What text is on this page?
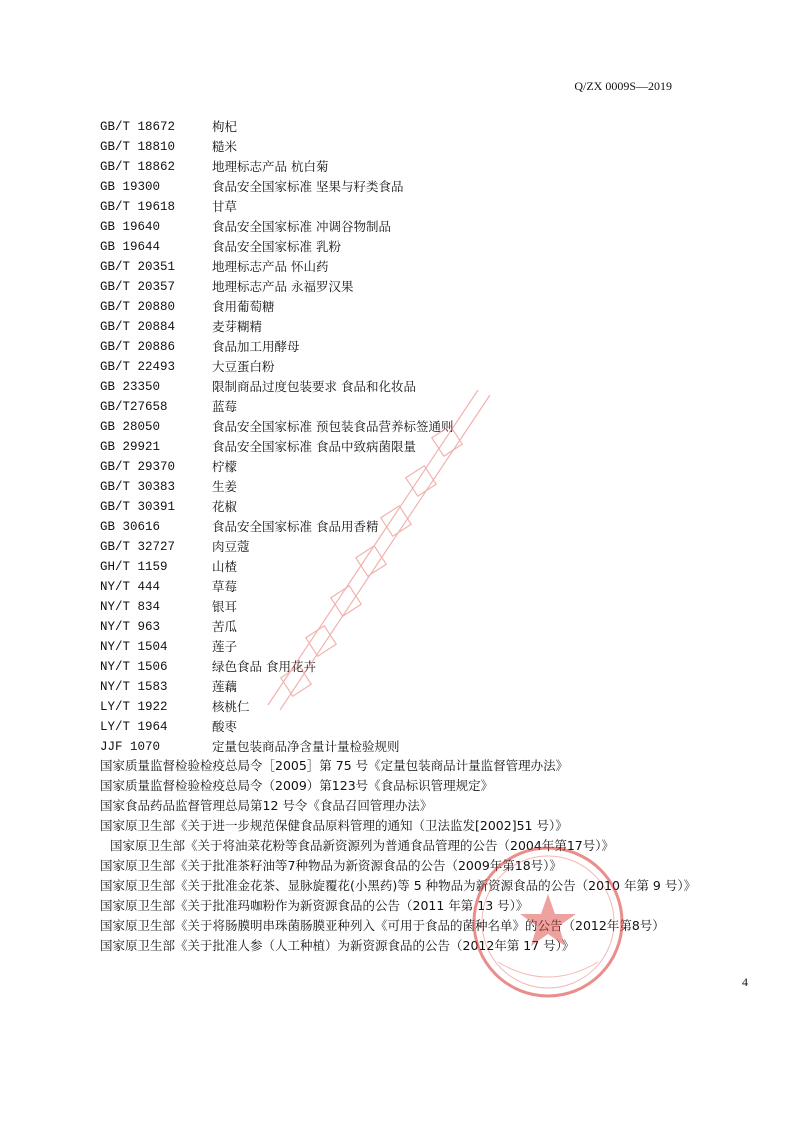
Q/ZX 0009S—2019
GB/T 18672	枸杞
GB/T 18810	糙米
GB/T 18862	地理标志产品 杭白菊
GB 19300	食品安全国家标准 坚果与籽类食品
GB/T 19618	甘草
GB 19640	食品安全国家标准 冲调谷物制品
GB 19644	食品安全国家标准 乳粉
GB/T 20351	地理标志产品 怀山药
GB/T 20357	地理标志产品 永福罗汉果
GB/T 20880	食用葡萄糖
GB/T 20884	麦芽糊精
GB/T 20886	食品加工用酵母
GB/T 22493	大豆蛋白粉
GB 23350	限制商品过度包装要求 食品和化妆品
GB/T27658	蓝莓
GB 28050	食品安全国家标准 预包装食品营养标签通则
GB 29921	食品安全国家标准 食品中致病菌限量
GB/T 29370	柠檬
GB/T 30383	生姜
GB/T 30391	花椒
GB 30616	食品安全国家标准 食品用香精
GB/T 32727	肉豆蔻
GH/T 1159	山楂
NY/T 444	草莓
NY/T 834	银耳
NY/T 963	苦瓜
NY/T 1504	莲子
NY/T 1506	绿色食品 食用花卉
NY/T 1583	莲藕
LY/T 1922	核桃仁
LY/T 1964	酸枣
JJF 1070	定量包装商品净含量计量检验规则
国家质量监督检验检疫总局令［2005］第 75 号《定量包装商品计量监督管理办法》
国家质量监督检验检疫总局令（2009）第123号《食品标识管理规定》
国家食品药品监督管理总局第12 号令《食品召回管理办法》
国家原卫生部《关于进一步规范保健食品原料管理的通知（卫法监发[2002]51 号）》
国家原卫生部《关于将油菜花粉等食品新资源列为普通食品管理的公告（2004年第17号）》
国家原卫生部《关于批准茶籽油等7种物品为新资源食品的公告（2009年第18号）》
国家原卫生部《关于批准金花茶、显脉旋覆花(小黑药)等 5 种物品为新资源食品的公告（2010 年第 9 号）》
国家原卫生部《关于批准玛咖粉作为新资源食品的公告（2011 年第 13 号）》
国家原卫生部《关于将肠膜明串珠菌肠膜亚种列入《可用于食品的菌种名单》的公告（2012年第8号）
国家原卫生部《关于批准人参（人工种植）为新资源食品的公告（2012年第 17 号）》
4
